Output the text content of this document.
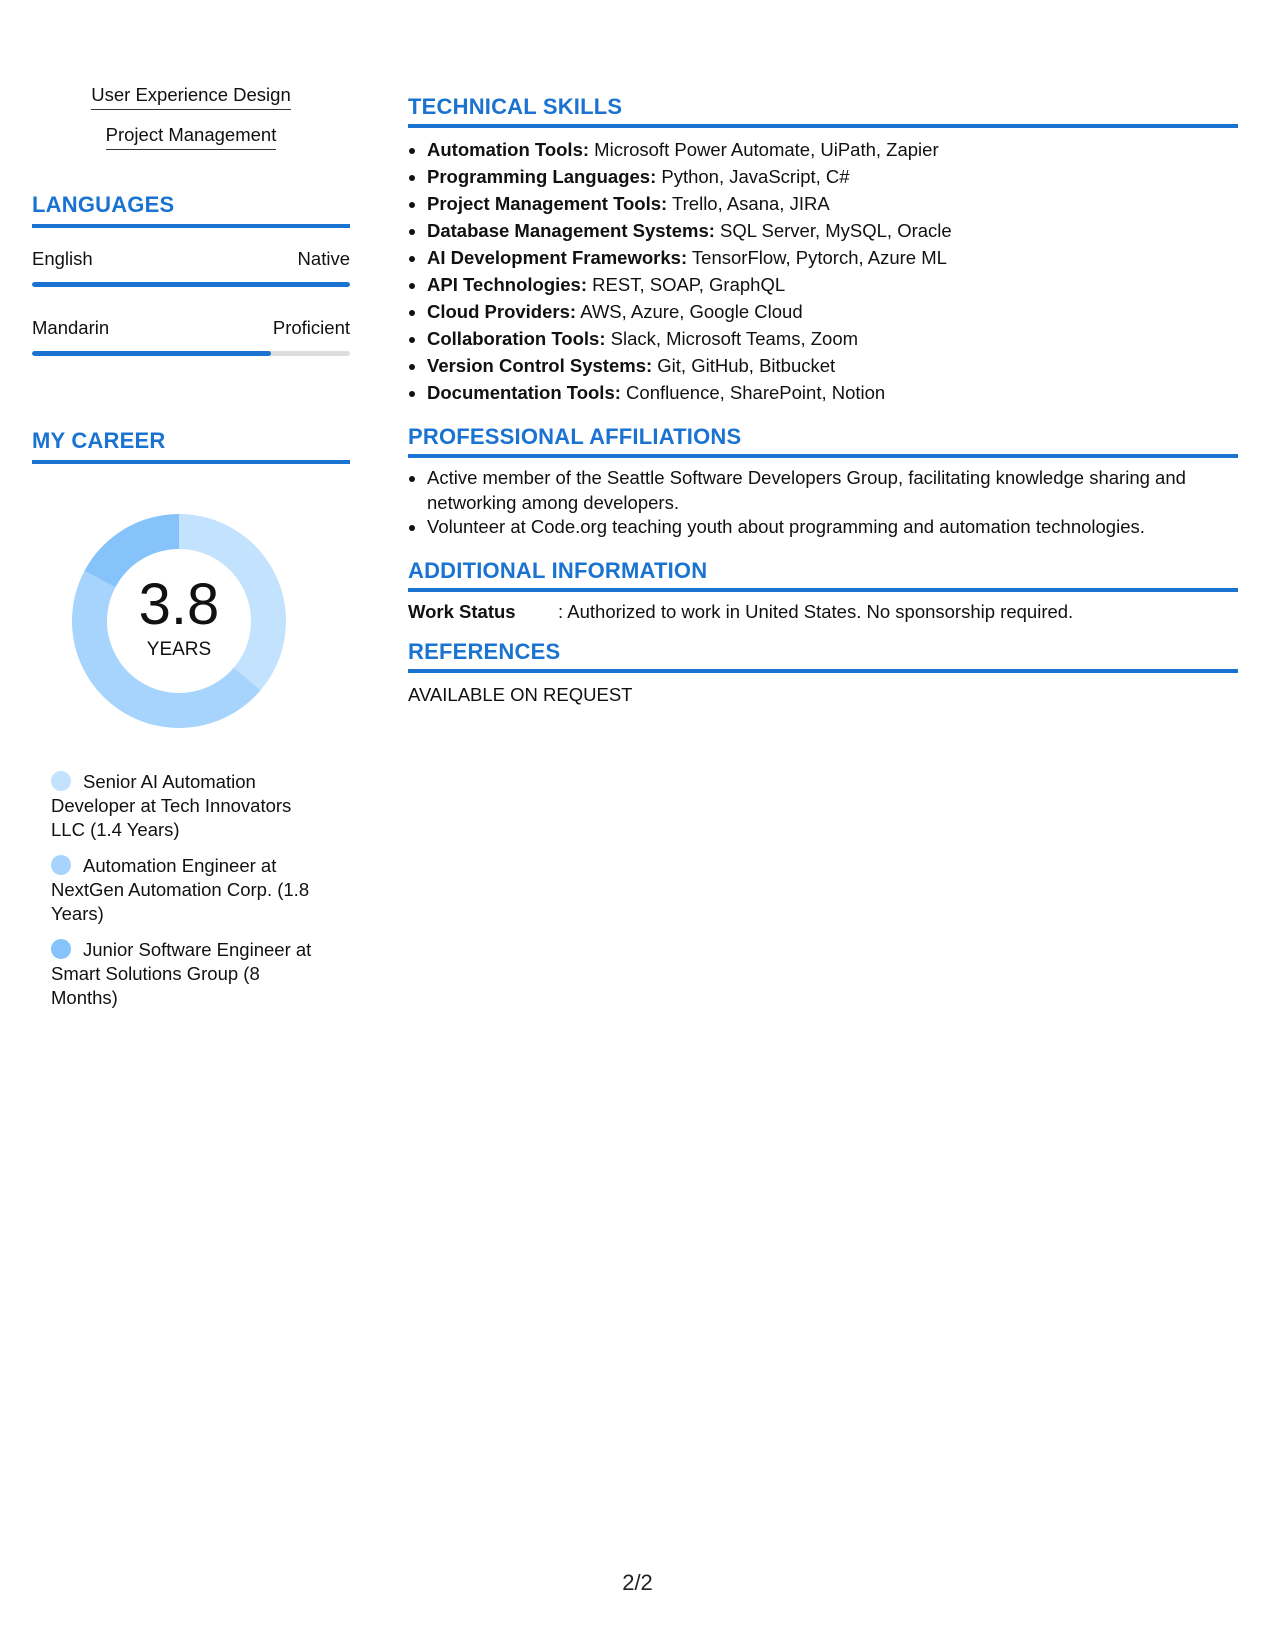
User Experience Design
Project Management
LANGUAGES
English	Native
Mandarin	Proficient
MY CAREER
3.8
YEARS
Senior AI Automation Developer at Tech Innovators LLC (1.4 Years)
Automation Engineer at NextGen Automation Corp. (1.8 Years)
Junior Software Engineer at Smart Solutions Group (8 Months)
TECHNICAL SKILLS
• Automation Tools: Microsoft Power Automate, UiPath, Zapier
• Programming Languages: Python, JavaScript, C#
• Project Management Tools: Trello, Asana, JIRA
• Database Management Systems: SQL Server, MySQL, Oracle
• AI Development Frameworks: TensorFlow, Pytorch, Azure ML
• API Technologies: REST, SOAP, GraphQL
• Cloud Providers: AWS, Azure, Google Cloud
• Collaboration Tools: Slack, Microsoft Teams, Zoom
• Version Control Systems: Git, GitHub, Bitbucket
• Documentation Tools: Confluence, SharePoint, Notion
PROFESSIONAL AFFILIATIONS
• Active member of the Seattle Software Developers Group, facilitating knowledge sharing and networking among developers.
• Volunteer at Code.org teaching youth about programming and automation technologies.
ADDITIONAL INFORMATION
Work Status	: Authorized to work in United States. No sponsorship required.
REFERENCES
AVAILABLE ON REQUEST
2/2
